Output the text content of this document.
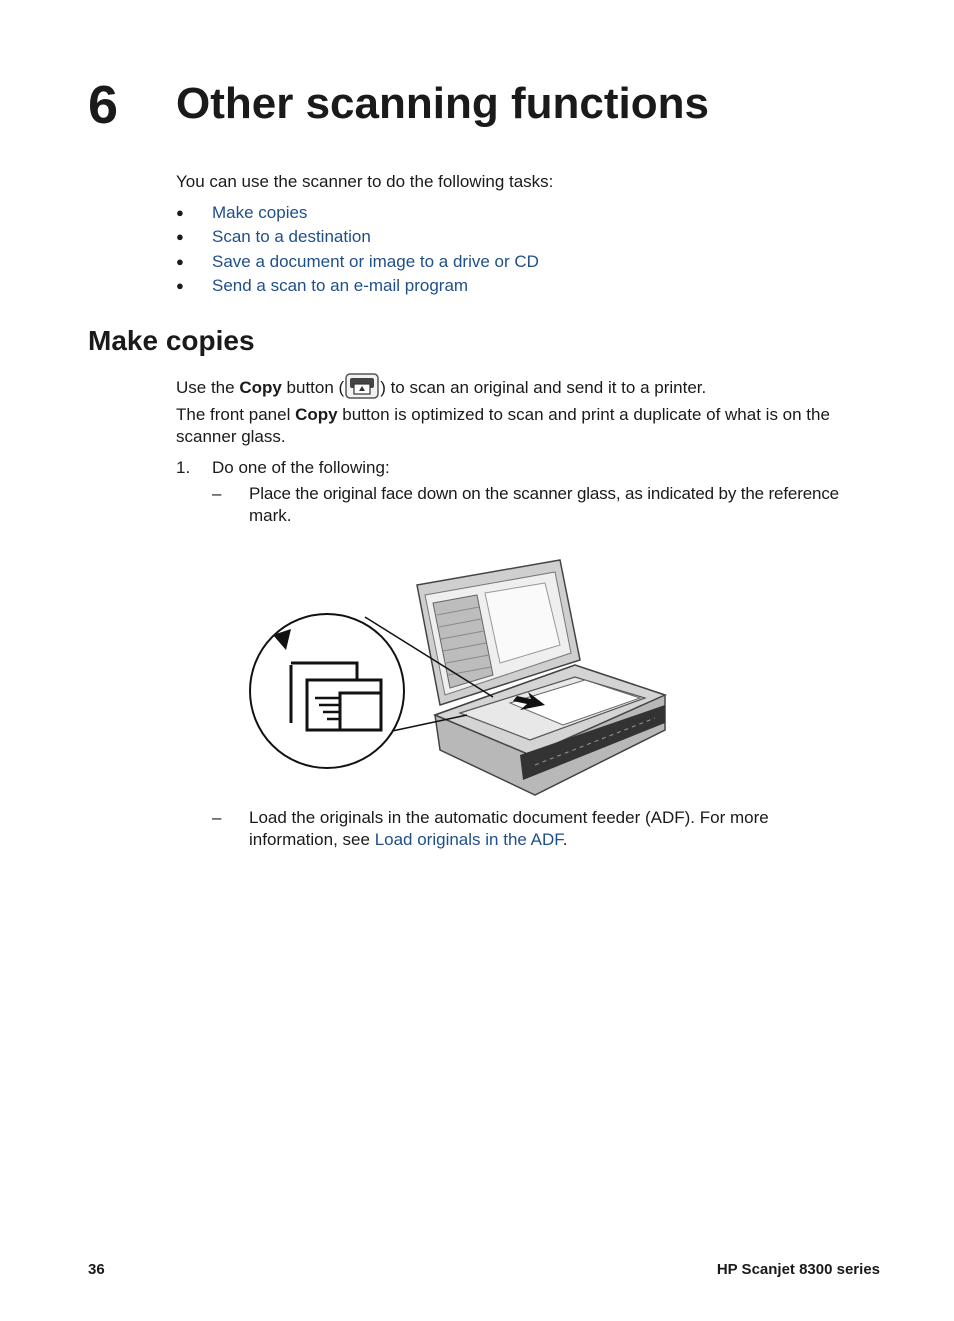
6 Other scanning functions
You can use the scanner to do the following tasks:
● Make copies
● Scan to a destination
● Save a document or image to a drive or CD
● Send a scan to an e-mail program
Make copies
Use the Copy button ( ) to scan an original and send it to a printer.
The front panel Copy button is optimized to scan and print a duplicate of what is on the
scanner glass.
1. Do one of the following:
– Place the original face down on the scanner glass, as indicated by the reference
mark.
– Load the originals in the automatic document feeder (ADF). For more
information, see Load originals in the ADF.
36	HP Scanjet 8300 series
